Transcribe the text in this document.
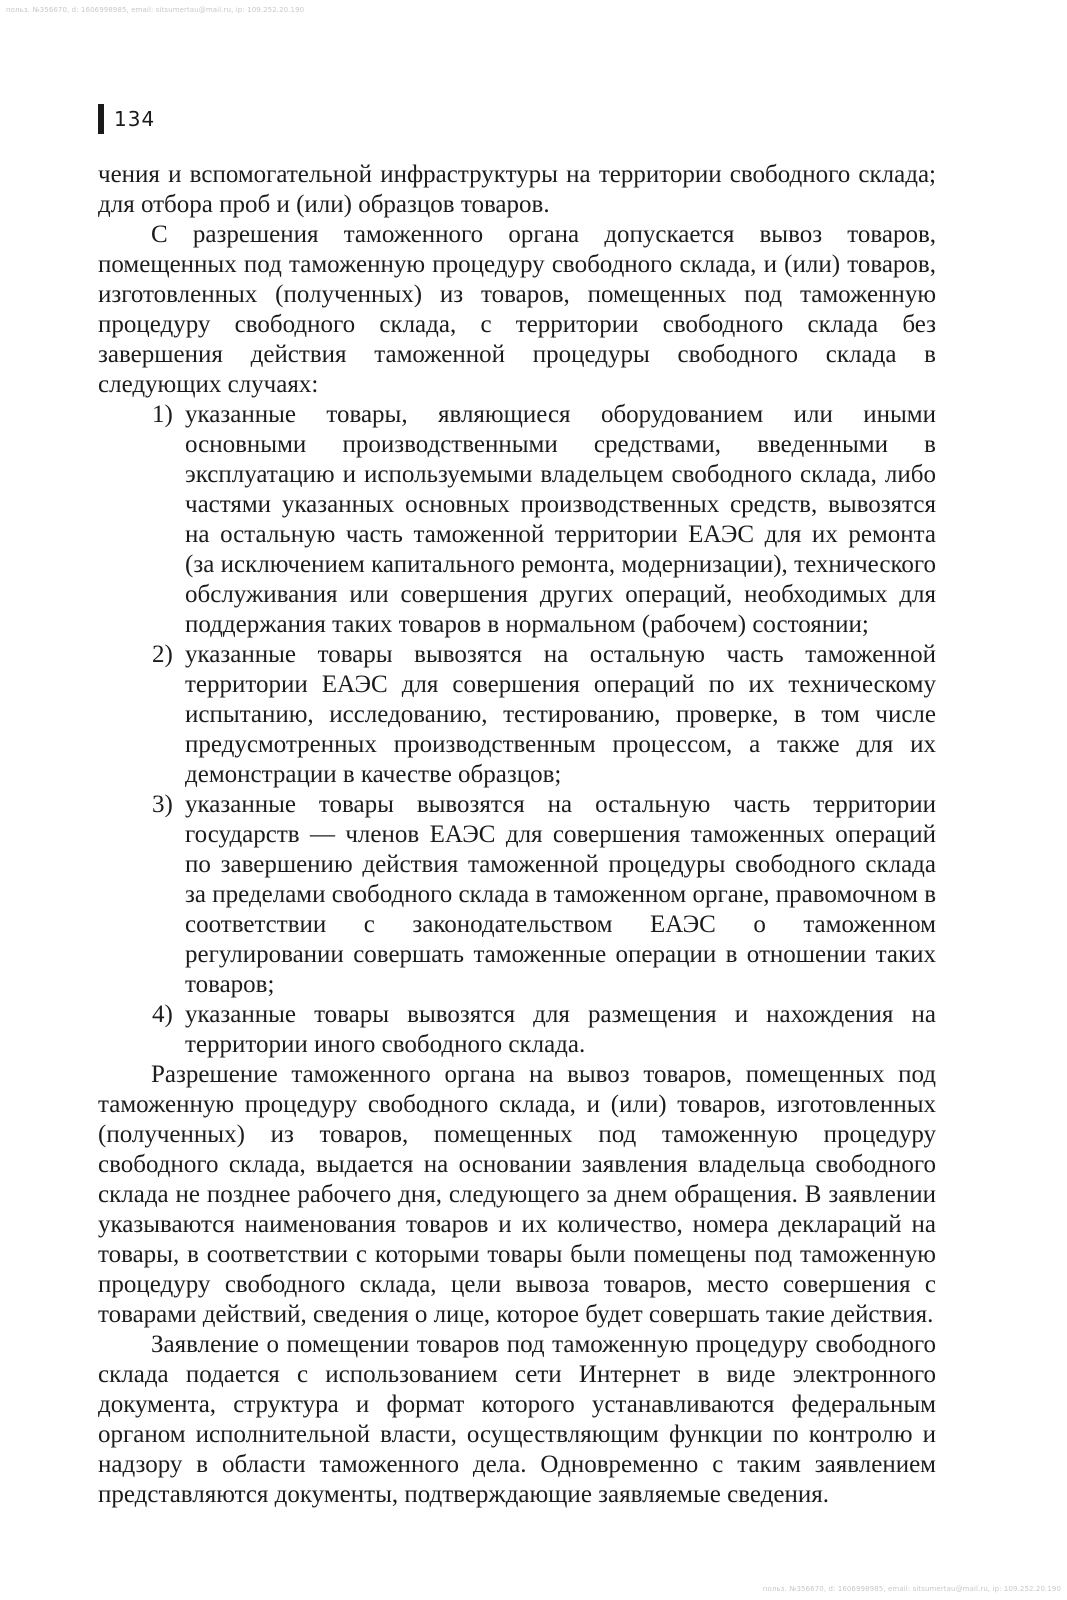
польз. №356670, d: 1606998985, email: sitsumertau@mail.ru, ip: 109.252.20.190
134

чения и вспомогательной инфраструктуры на территории свободного склада; для отбора проб и (или) образцов товаров.

С разрешения таможенного органа допускается вывоз товаров, помещенных под таможенную процедуру свободного склада, и (или) товаров, изготовленных (полученных) из товаров, помещенных под таможенную процедуру свободного склада, с территории свободного склада без завершения действия таможенной процедуры свободного склада в следующих случаях:

1) указанные товары, являющиеся оборудованием или иными основными производственными средствами, введенными в эксплуатацию и используемыми владельцем свободного склада, либо частями указанных основных производственных средств, вывозятся на остальную часть таможенной территории ЕАЭС для их ремонта (за исключением капитального ремонта, модернизации), технического обслуживания или совершения других операций, необходимых для поддержания таких товаров в нормальном (рабочем) состоянии;
2) указанные товары вывозятся на остальную часть таможенной территории ЕАЭС для совершения операций по их техническому испытанию, исследованию, тестированию, проверке, в том числе предусмотренных производственным процессом, а также для их демонстрации в качестве образцов;
3) указанные товары вывозятся на остальную часть территории государств — членов ЕАЭС для совершения таможенных операций по завершению действия таможенной процедуры свободного склада за пределами свободного склада в таможенном органе, правомочном в соответствии с законодательством ЕАЭС о таможенном регулировании совершать таможенные операции в отношении таких товаров;
4) указанные товары вывозятся для размещения и нахождения на территории иного свободного склада.

Разрешение таможенного органа на вывоз товаров, помещенных под таможенную процедуру свободного склада, и (или) товаров, изготовленных (полученных) из товаров, помещенных под таможенную процедуру свободного склада, выдается на основании заявления владельца свободного склада не позднее рабочего дня, следующего за днем обращения. В заявлении указываются наименования товаров и их количество, номера деклараций на товары, в соответствии с которыми товары были помещены под таможенную процедуру свободного склада, цели вывоза товаров, место совершения с товарами действий, сведения о лице, которое будет совершать такие действия.

Заявление о помещении товаров под таможенную процедуру свободного склада подается с использованием сети Интернет в виде электронного документа, структура и формат которого устанавливаются федеральным органом исполнительной власти, осуществляющим функции по контролю и надзору в области таможенного дела. Одновременно с таким заявлением представляются документы, подтверждающие заявляемые сведения.

польз. №356670, d: 1606998985, email: sitsumertau@mail.ru, ip: 109.252.20.190
